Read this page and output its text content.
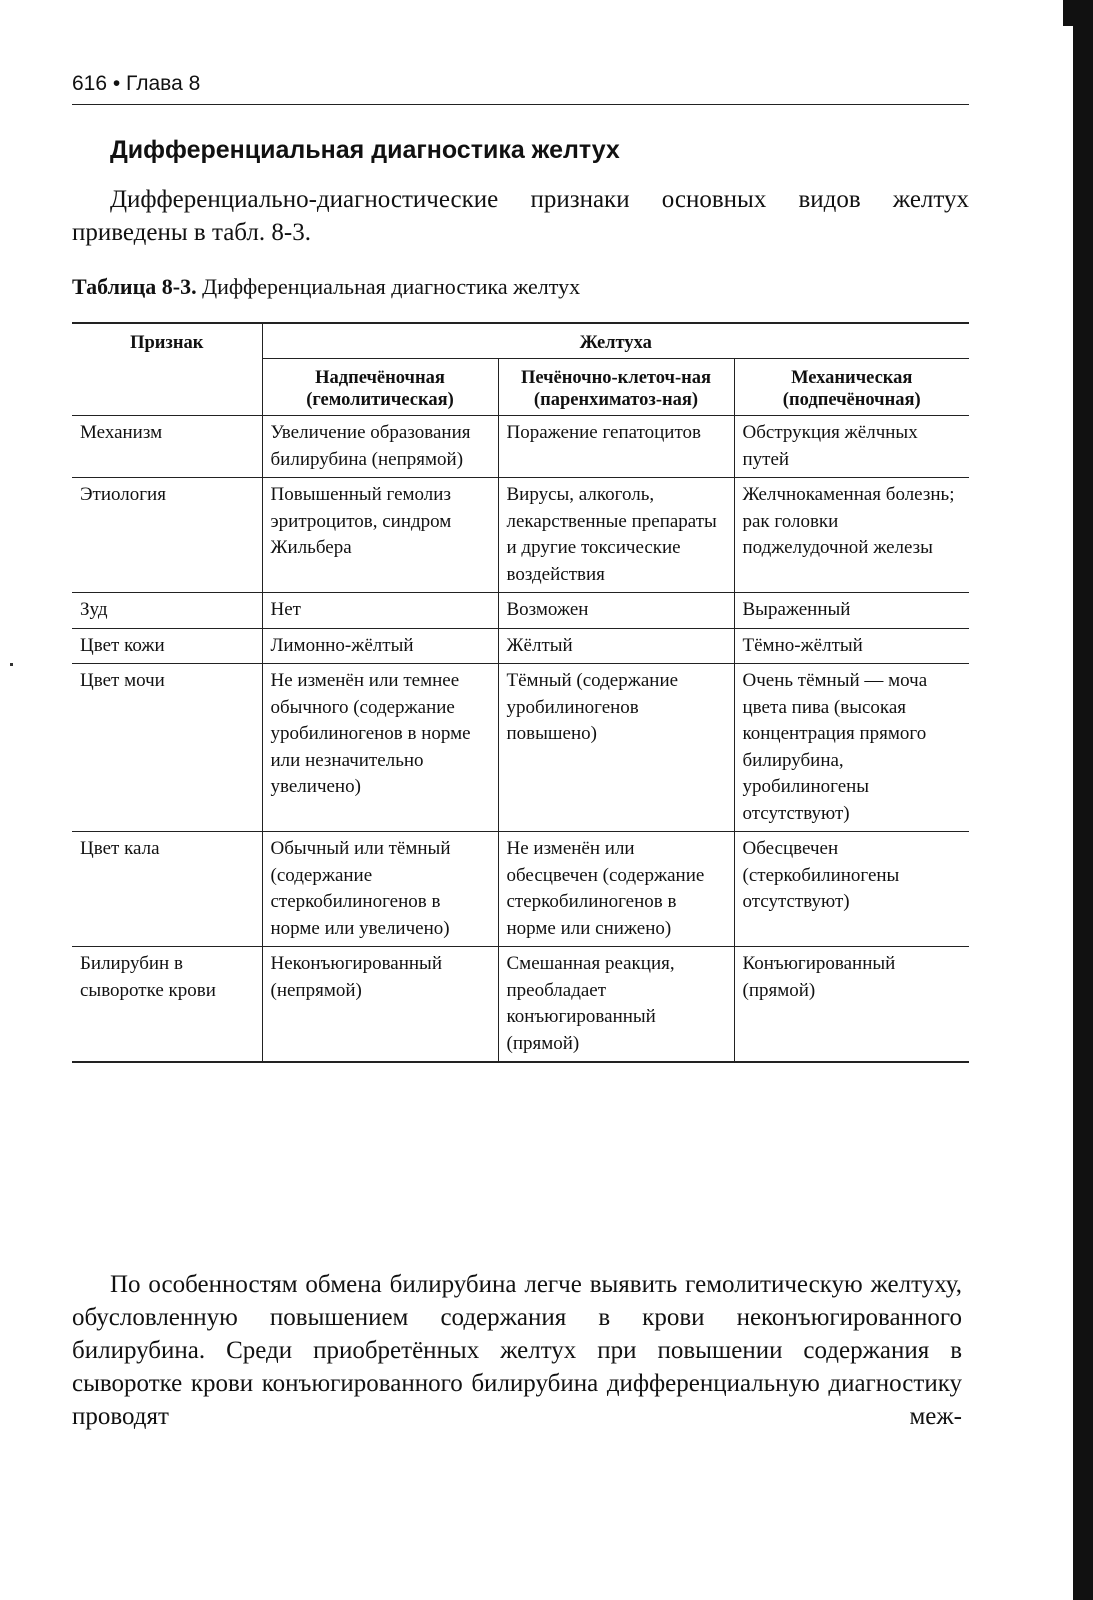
616 • Глава 8
Дифференциальная диагностика желтух

Дифференциально-диагностические признаки основных видов желтух приведены в табл. 8-3.

Таблица 8-3. Дифференциальная диагностика желтух

Признак	Желтуха		
	Надпечёночная (гемолитическая)	Печёночно-клеточ-ная (паренхиматоз-ная)	Механическая (подпечёночная)
Механизм	Увеличение образования билирубина (непрямой)	Поражение гепатоцитов	Обструкция жёлчных путей
Этиология	Повышенный гемолиз эритроцитов, синдром Жильбера	Вирусы, алкоголь, лекарственные препараты и другие токсические воздействия	Желчнокаменная болезнь; рак головки поджелудочной железы
Зуд	Нет	Возможен	Выраженный
Цвет кожи	Лимонно-жёлтый	Жёлтый	Тёмно-жёлтый
Цвет мочи	Не изменён или темнее обычного (содержание уробилиногенов в норме или незначительно увеличено)	Тёмный (содержание уробилиногенов повышено)	Очень тёмный — моча цвета пива (высокая концентрация прямого билирубина, уробилиногены отсутствуют)
Цвет кала	Обычный или тёмный (содержание стеркобилиногенов в норме или увеличено)	Не изменён или обесцвечен (содержание стеркобилиногенов в норме или снижено)	Обесцвечен (стеркобилиногены отсутствуют)
Билирубин в сыворотке крови	Неконъюгированный (непрямой)	Смешанная реакция, преобладает конъюгированный (прямой)	Конъюгированный (прямой)

По особенностям обмена билирубина легче выявить гемолитическую желтуху, обусловленную повышением содержания в крови неконъюгированного билирубина. Среди приобретённых желтух при повышении содержания в сыворотке крови конъюгированного билирубина дифференциальную диагностику проводят меж-
